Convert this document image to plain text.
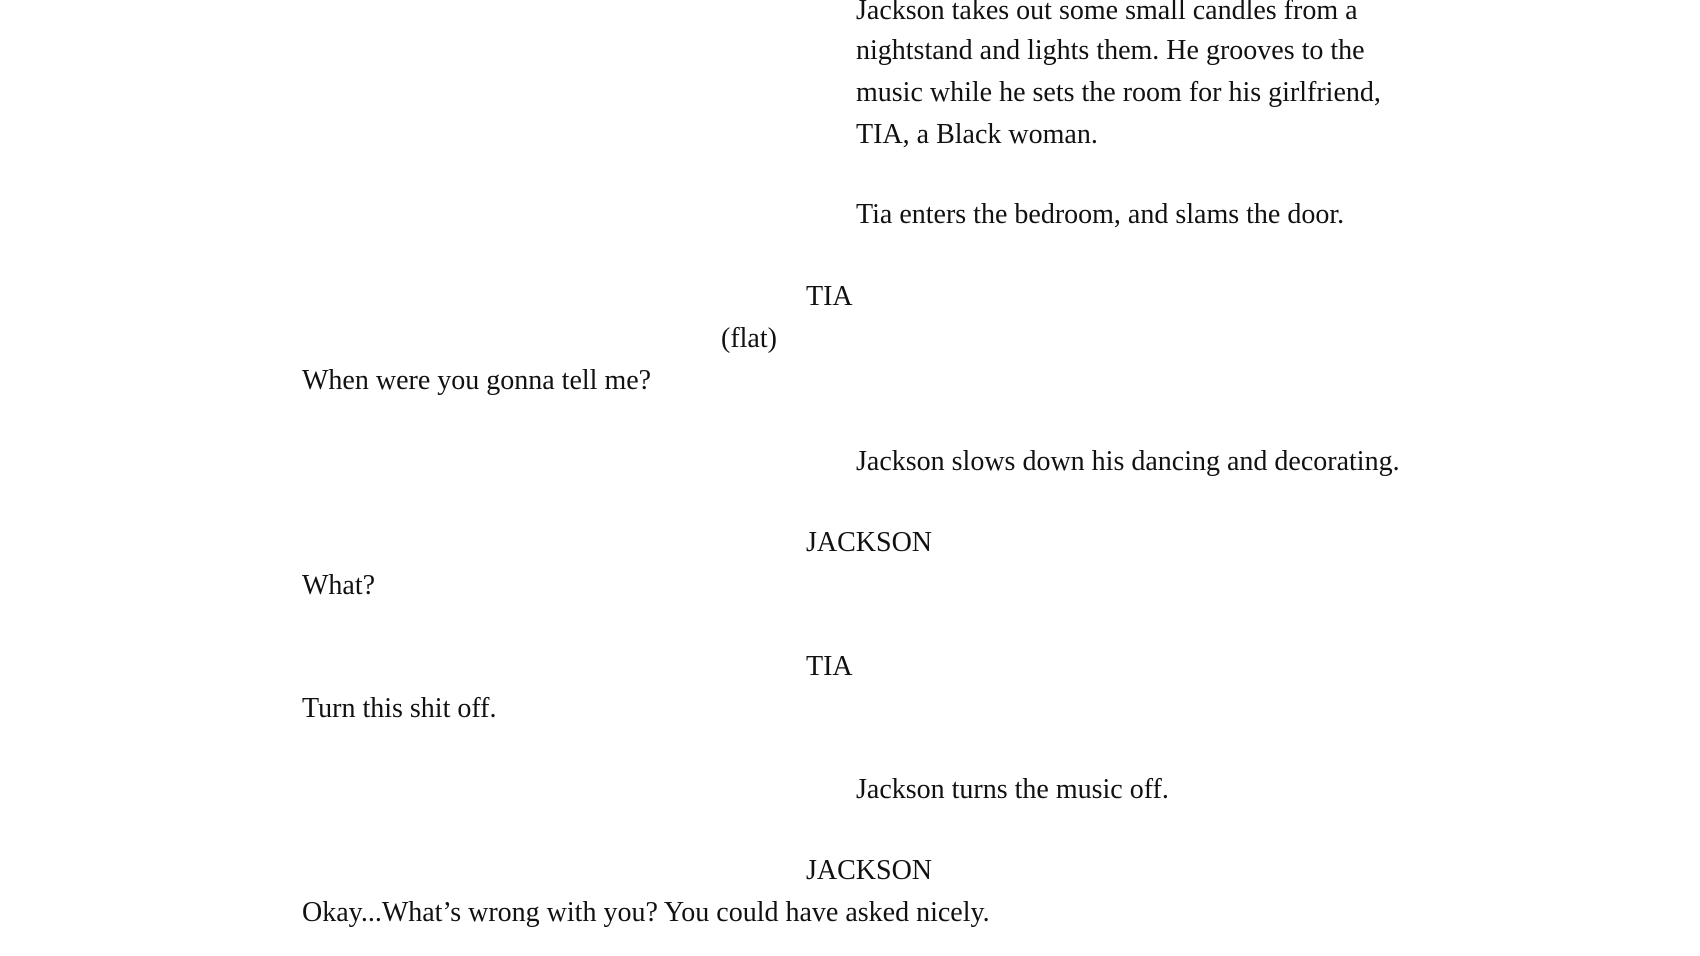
Jackson takes out some small candles from a

nightstand and lights them. He grooves to the

music while he sets the room for his girlfriend,

TIA, a Black woman.

Tia enters the bedroom, and slams the door.

TIA

(flat)

When were you gonna tell me?

Jackson slows down his dancing and decorating.

JACKSON

What?

TIA

Turn this shit off.

Jackson turns the music off.

JACKSON

Okay...What’s wrong with you? You could have asked nicely.
